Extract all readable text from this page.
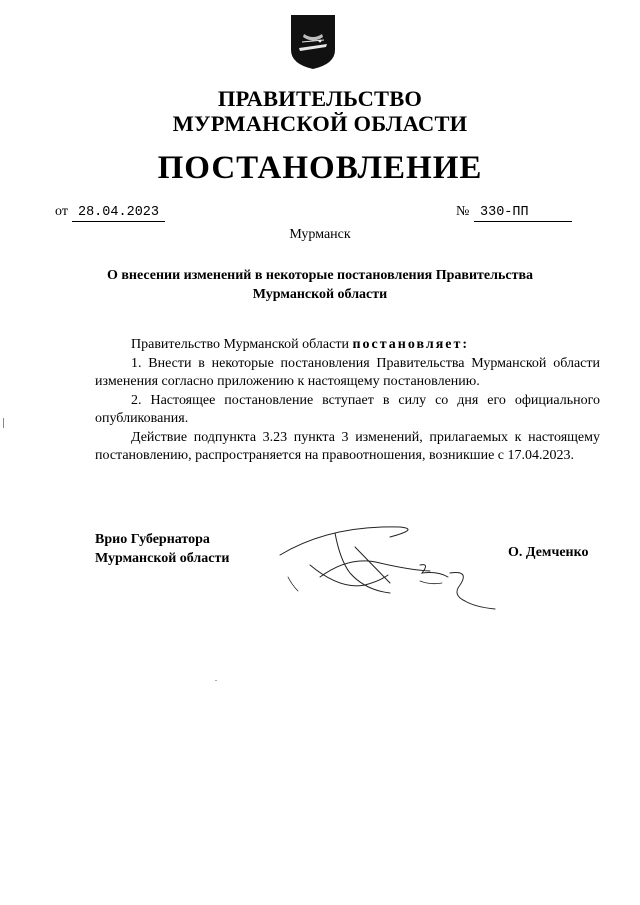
ПРАВИТЕЛЬСТВО
МУРМАНСКОЙ ОБЛАСТИ
ПОСТАНОВЛЕНИЕ
от 28.04.2023	№ 330-ПП
Мурманск
О внесении изменений в некоторые постановления Правительства
Мурманской области

Правительство Мурманской области постановляет:

1. Внести в некоторые постановления Правительства Мурманской области изменения согласно приложению к настоящему постановлению.

2. Настоящее постановление вступает в силу со дня его официального опубликования.

Действие подпункта 3.23 пункта 3 изменений, прилагаемых к настоящему постановлению, распространяется на правоотношения, возникшие с 17.04.2023.

Врио Губернатора
Мурманской области	О. Демченко
